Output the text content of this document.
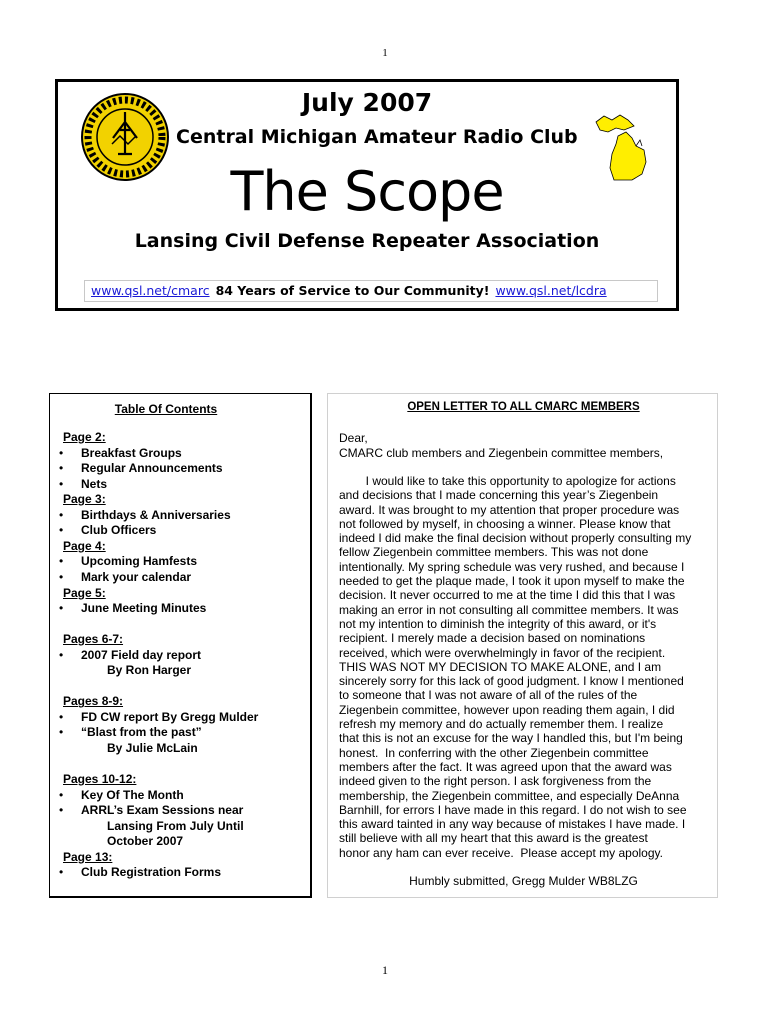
1
July 2007
Central Michigan Amateur Radio Club
The Scope
Lansing Civil Defense Repeater Association
www.qsl.net/cmarc 84 Years of Service to Our Community! www.qsl.net/lcdra
Table Of Contents
Page 2:
• Breakfast Groups
• Regular Announcements
• Nets
Page 3:
• Birthdays & Anniversaries
• Club Officers
Page 4:
• Upcoming Hamfests
• Mark your calendar
Page 5:
• June Meeting Minutes
Pages 6-7:
• 2007 Field day report
By Ron Harger
Pages 8-9:
• FD CW report By Gregg Mulder
• “Blast from the past”
By Julie McLain
Pages 10-12:
• Key Of The Month
• ARRL’s Exam Sessions near
Lansing From July Until
October 2007
Page 13:
• Club Registration Forms
OPEN LETTER TO ALL CMARC MEMBERS
Dear,
CMARC club members and Ziegenbein committee members,
I would like to take this opportunity to apologize for actions
and decisions that I made concerning this year’s Ziegenbein
award. It was brought to my attention that proper procedure was
not followed by myself, in choosing a winner. Please know that
indeed I did make the final decision without properly consulting my
fellow Ziegenbein committee members. This was not done
intentionally. My spring schedule was very rushed, and because I
needed to get the plaque made, I took it upon myself to make the
decision. It never occurred to me at the time I did this that I was
making an error in not consulting all committee members. It was
not my intention to diminish the integrity of this award, or it's
recipient. I merely made a decision based on nominations
received, which were overwhelmingly in favor of the recipient.
THIS WAS NOT MY DECISION TO MAKE ALONE, and I am
sincerely sorry for this lack of good judgment. I know I mentioned
to someone that I was not aware of all of the rules of the
Ziegenbein committee, however upon reading them again, I did
refresh my memory and do actually remember them. I realize
that this is not an excuse for the way I handled this, but I'm being
honest.  In conferring with the other Ziegenbein committee
members after the fact. It was agreed upon that the award was
indeed given to the right person. I ask forgiveness from the
membership, the Ziegenbein committee, and especially DeAnna
Barnhill, for errors I have made in this regard. I do not wish to see
this award tainted in any way because of mistakes I have made. I
still believe with all my heart that this award is the greatest
honor any ham can ever receive.  Please accept my apology.
Humbly submitted, Gregg Mulder WB8LZG
1
